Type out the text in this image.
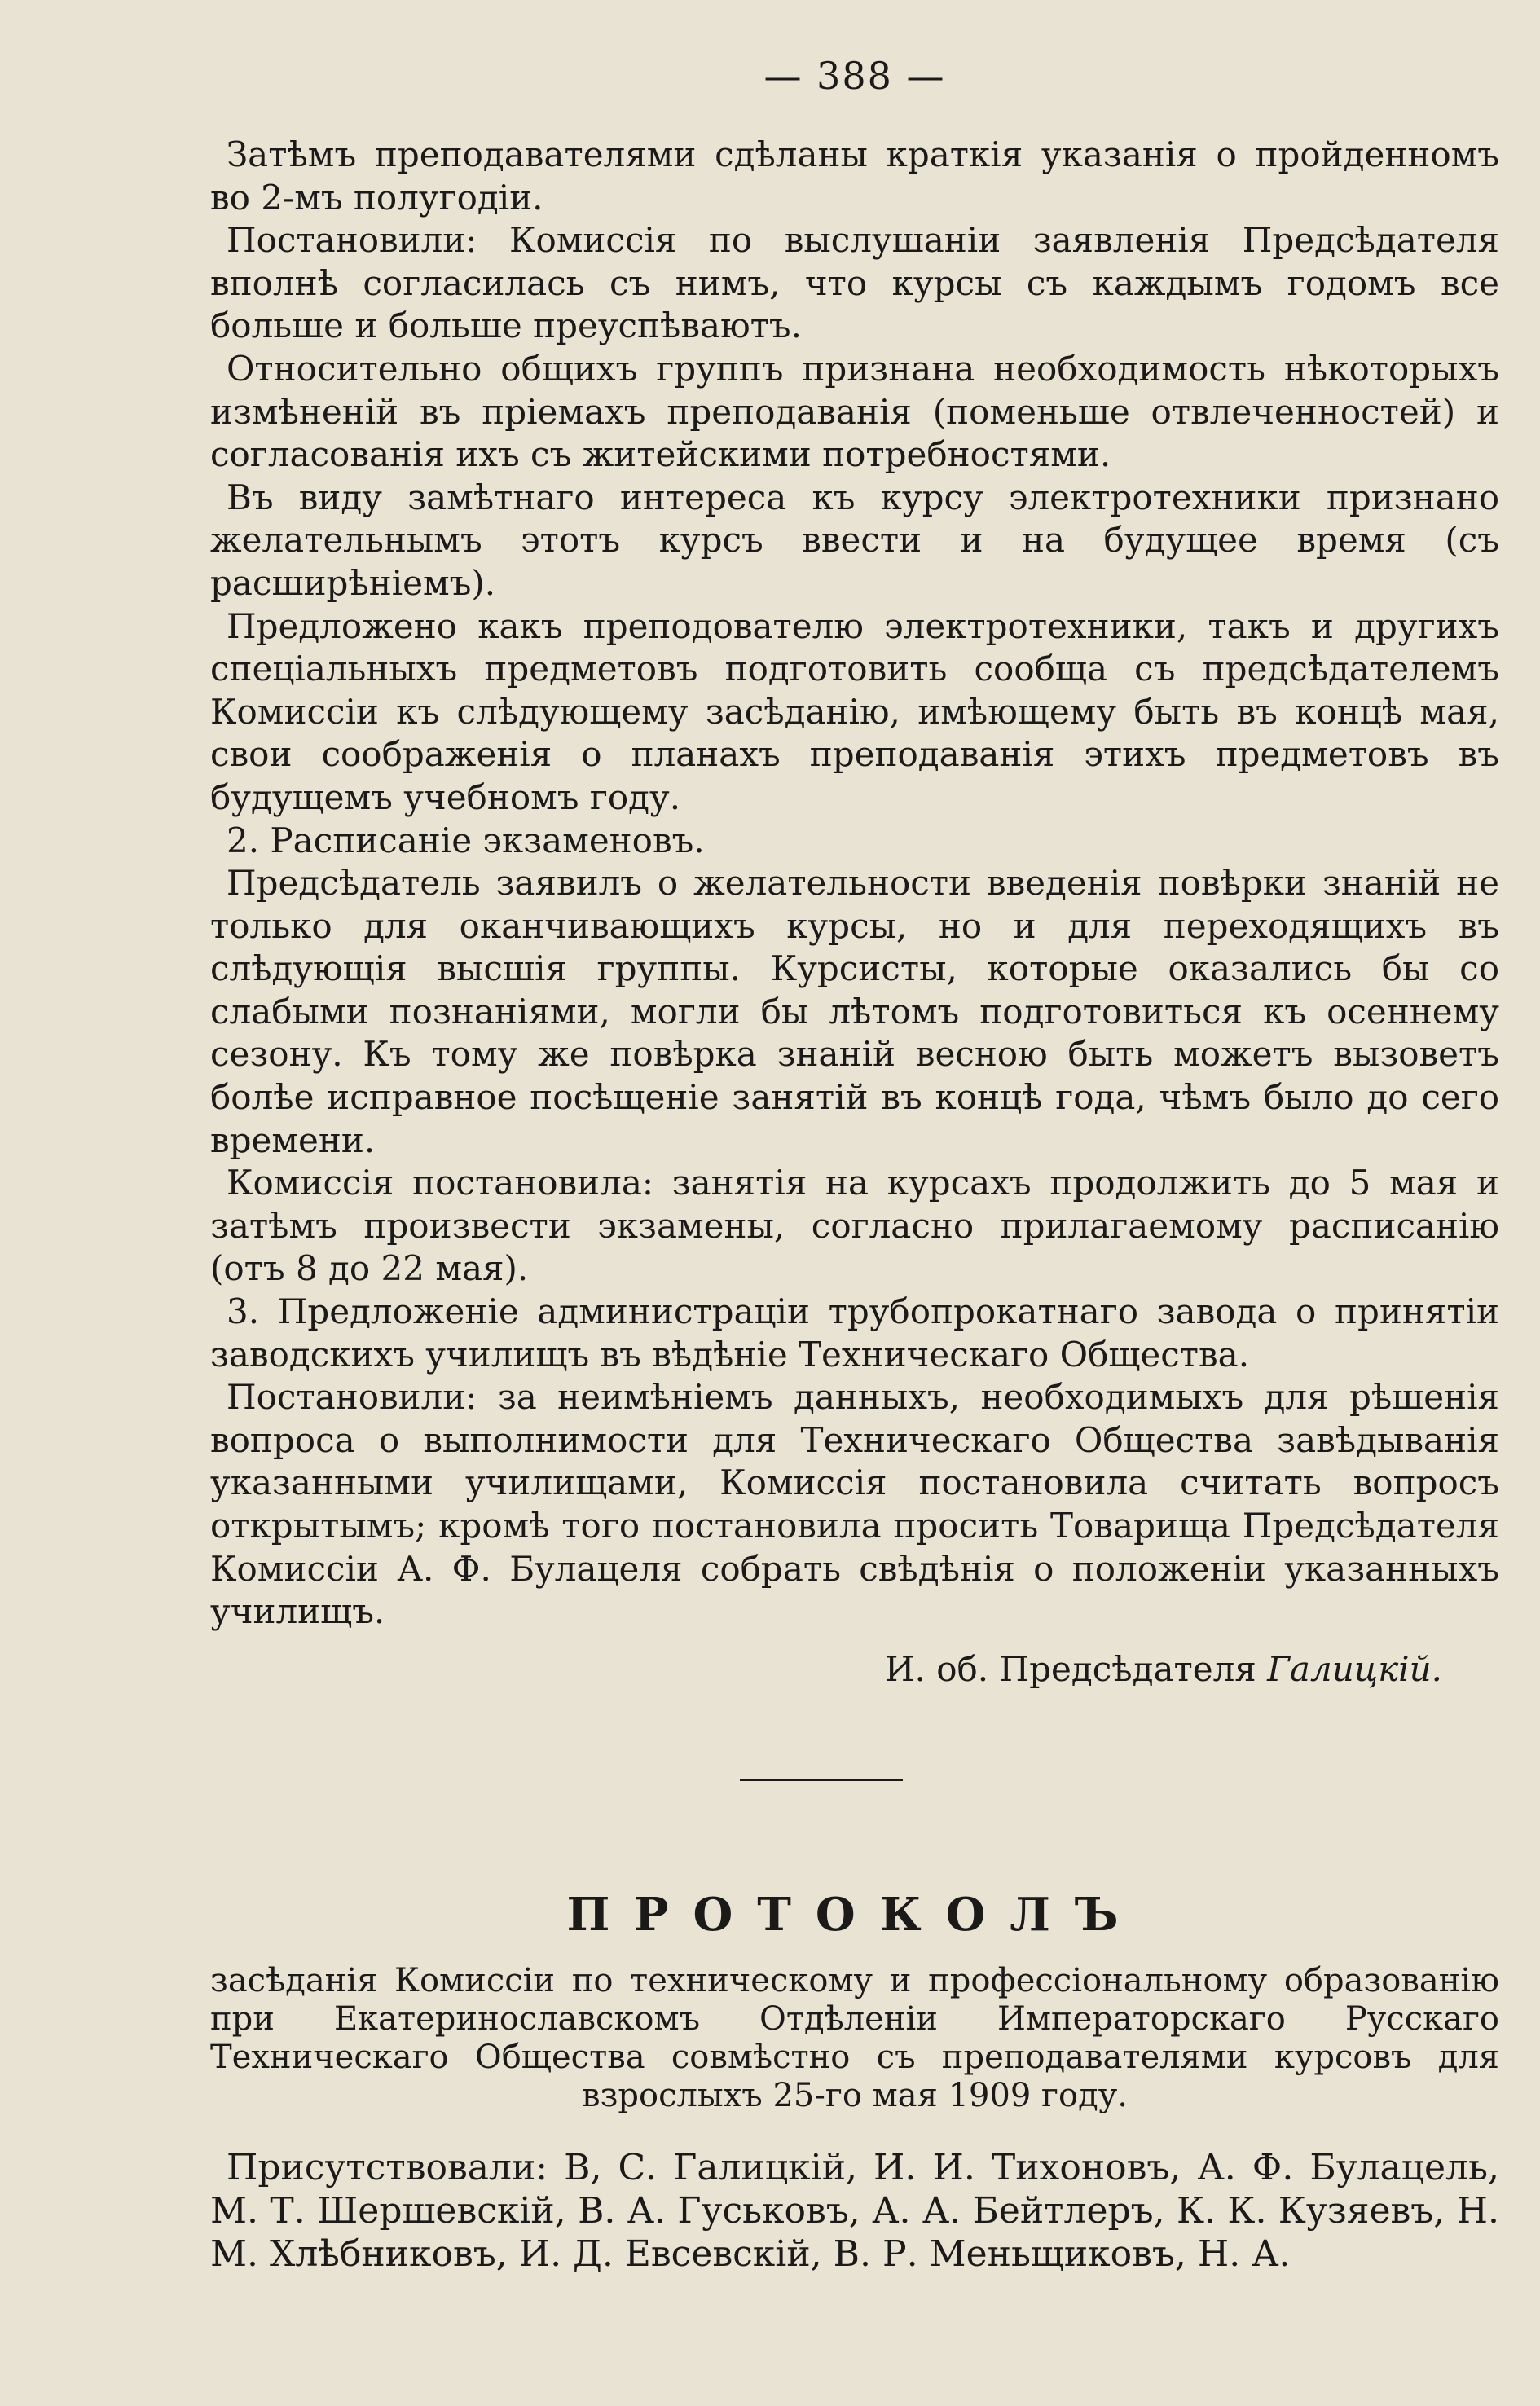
— 388 —

Затѣмъ преподавателями сдѣланы краткія указанія о пройденномъ во 2-мъ полугодіи.

Постановили: Комиссія по выслушаніи заявленія Предсѣдателя вполнѣ согласилась съ нимъ, что курсы съ каждымъ годомъ все больше и больше преуспѣваютъ.

Относительно общихъ группъ признана необходимость нѣкоторыхъ измѣненій въ пріемахъ преподаванія (поменьше отвлеченностей) и согласованія ихъ съ житейскими потребностями.

Въ виду замѣтнаго интереса къ курсу электротехники признано желательнымъ этотъ курсъ ввести и на будущее время (съ расширѣніемъ).

Предложено какъ преподователю электротехники, такъ и другихъ спеціальныхъ предметовъ подготовить сообща съ предсѣдателемъ Комиссіи къ слѣдующему засѣданію, имѣющему быть въ концѣ мая, свои соображенія о планахъ преподаванія этихъ предметовъ въ будущемъ учебномъ году.

2. Расписаніе экзаменовъ.

Предсѣдатель заявилъ о желательности введенія повѣрки знаній не только для оканчивающихъ курсы, но и для переходящихъ въ слѣдующія высшія группы. Курсисты, которые оказались бы со слабыми познаніями, могли бы лѣтомъ подготовиться къ осеннему сезону. Къ тому же повѣрка знаній весною быть можетъ вызоветъ болѣе исправное посѣщеніе занятій въ концѣ года, чѣмъ было до сего времени.

Комиссія постановила: занятія на курсахъ продолжить до 5 мая и затѣмъ произвести экзамены, согласно прилагаемому расписанію (отъ 8 до 22 мая).

3. Предложеніе администраціи трубопрокатнаго завода о принятіи заводскихъ училищъ въ вѣдѣніе Техническаго Общества.

Постановили: за неимѣніемъ данныхъ, необходимыхъ для рѣшенія вопроса о выполнимости для Техническаго Общества завѣдыванія указанными училищами, Комиссія постановила считать вопросъ открытымъ; кромѣ того постановила просить Товарища Предсѣдателя Комиссіи А. Ф. Булацеля собрать свѣдѣнія о положеніи указанныхъ училищъ.

И. об. Предсѣдателя Галицкій.
ПРОТОКОЛЪ
засѣданія Комиссіи по техническому и профессіональному образованію при Екатеринославскомъ Отдѣленіи Императорскаго Русскаго Техническаго Общества совмѣстно съ преподавателями курсовъ для взрослыхъ 25-го мая 1909 году.

Присутствовали: В, С. Галицкій, И. И. Тихоновъ, А. Ф. Булацель, М. Т. Шершевскій, В. А. Гуськовъ, А. А. Бейтлеръ, К. К. Кузяевъ, Н. М. Хлѣбниковъ, И. Д. Евсевскій, В. Р. Меньщиковъ, Н. А.
